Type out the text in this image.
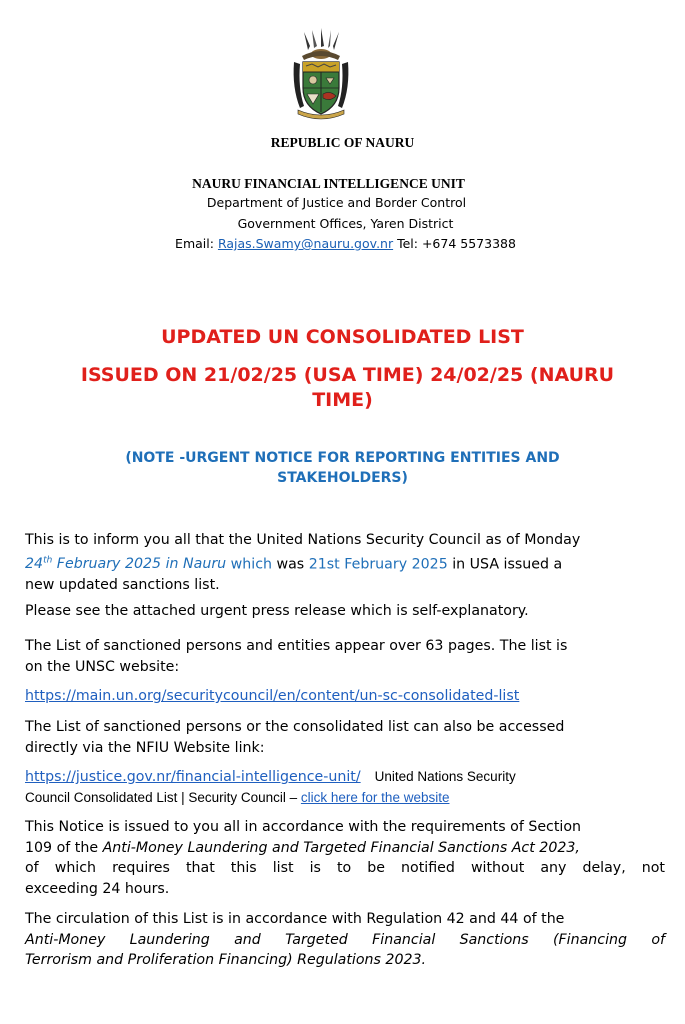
REPUBLIC OF NAURU
NAURU FINANCIAL INTELLIGENCE UNIT
Department of Justice and Border Control
Government Offices, Yaren District
Email: Rajas.Swamy@nauru.gov.nr Tel: +674 5573388
UPDATED UN CONSOLIDATED LIST
ISSUED ON 21/02/25 (USA TIME) 24/02/25 (NAURU
TIME)
(NOTE -URGENT NOTICE FOR REPORTING ENTITIES AND
STAKEHOLDERS)

This is to inform you all that the United Nations Security Council as of Monday

24th February 2025 in Nauru which was 21st February 2025 in USA issued a

new updated sanctions list.

Please see the attached urgent press release which is self-explanatory.

The List of sanctioned persons and entities appear over 63 pages. The list is

on the UNSC website:

https://main.un.org/securitycouncil/en/content/un-sc-consolidated-list

The List of sanctioned persons or the consolidated list can also be accessed

directly via the NFIU Website link:

https://justice.gov.nr/financial-intelligence-unit/ United Nations Security

Council Consolidated List | Security Council – click here for the website

This Notice is issued to you all in accordance with the requirements of Section

109 of the Anti-Money Laundering and Targeted Financial Sanctions Act 2023,

of which requires that this list is to be notified without any delay, not

exceeding 24 hours.

The circulation of this List is in accordance with Regulation 42 and 44 of the

Anti-Money Laundering and Targeted Financial Sanctions (Financing of

Terrorism and Proliferation Financing) Regulations 2023.
